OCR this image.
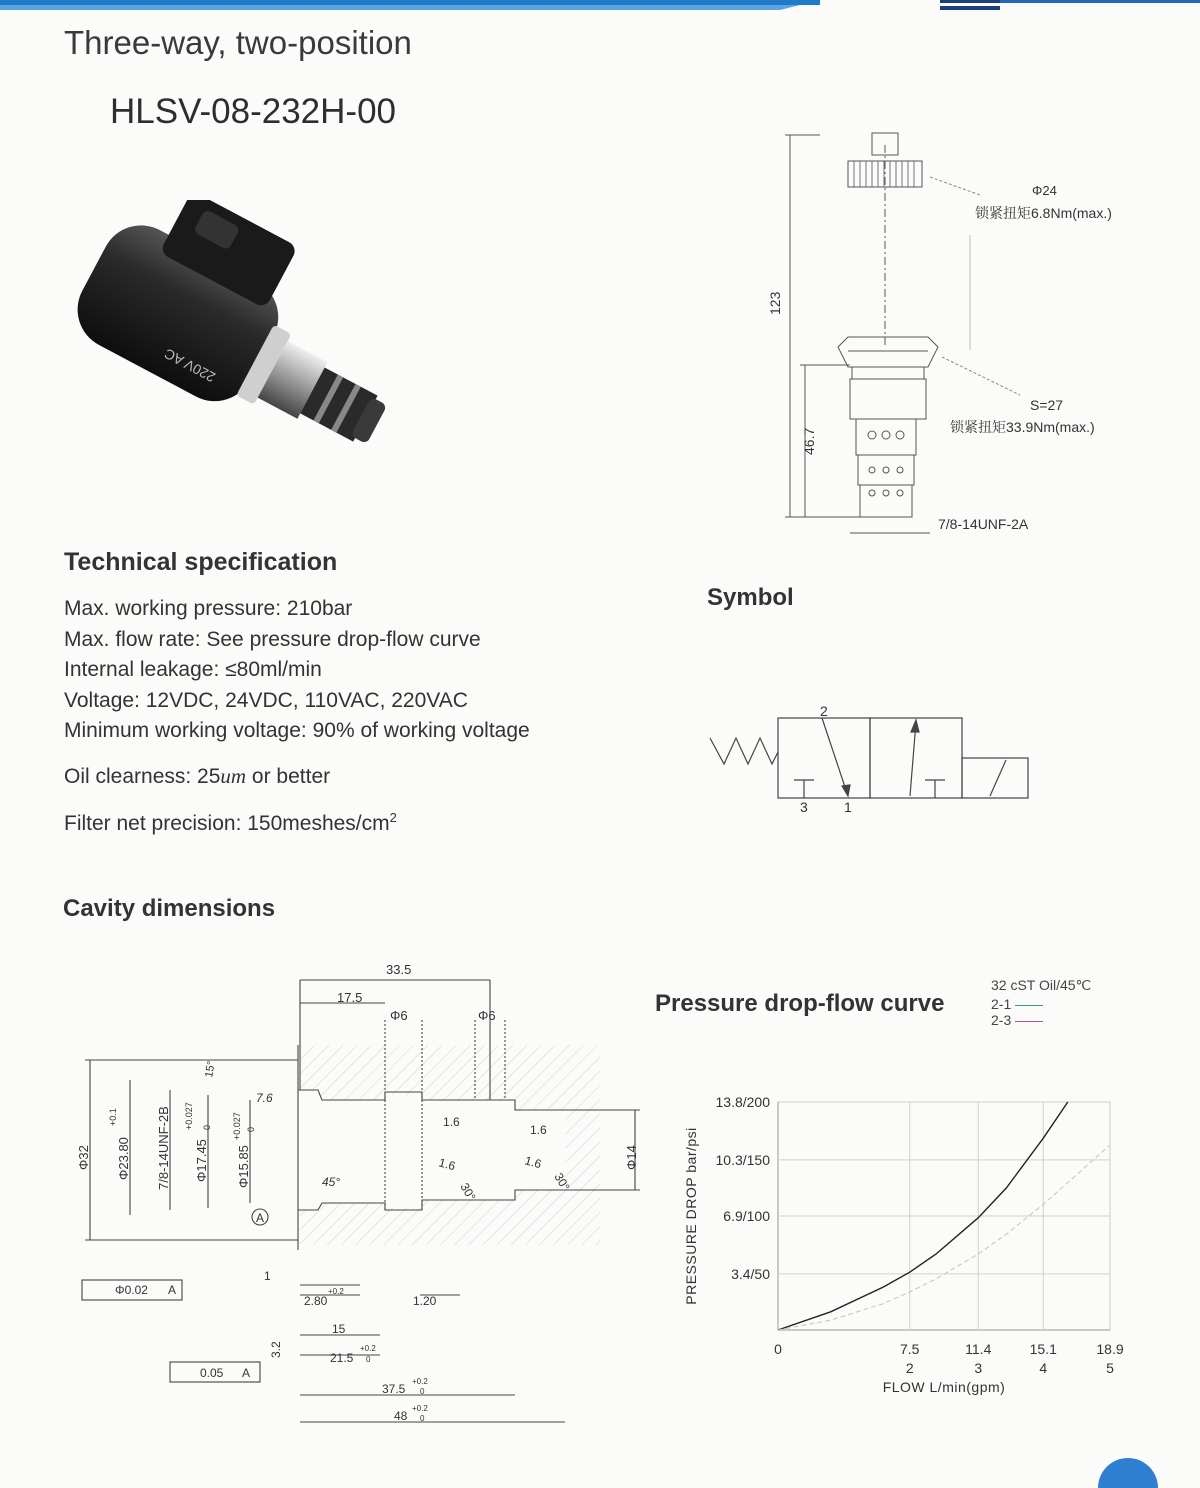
Three-way, two-position
HLSV-08-232H-00
220V AC
Φ24
锁紧扭矩6.8Nm(max.)
123
S=27
锁紧扭矩33.9Nm(max.)
46.7
7/8-14UNF-2A
Technical specification
Max. working pressure: 210bar
Max. flow rate: See pressure drop-flow curve
Internal leakage: ≤80ml/min
Voltage: 12VDC, 24VDC, 110VAC, 220VAC
Minimum working voltage: 90% of working voltage
Oil clearness: 25um or better
Filter net precision: $150meshes/cm^2$
Symbol
2
3	1
Cavity dimensions
33.5
17.5
Φ6	Φ6
15°
7.6
Φ32 Φ23.80
+0.1	7/8-14UNF-2B Φ17.45
+0.027 0
Φ15.85
+0.027 0
45°
1.6
1.6
1.6
1.6
30°	30°
Φ14
A
Φ0.02 A
1
2.80
+0.2
1.20
15
3.2	21.5
+0.2
0
0.05 A
37.5
+0.2
0
48
+0.2
0
Pressure drop-flow curve
32 cST Oil/45℃
2-1
2-3
3.4/50
6.9/100
10.3/150
13.8/200
0	7.5
2
11.4
3
15.1
4
18.9
5
FLOW L/min(gpm)
PRESSURE DROP bar/psi
